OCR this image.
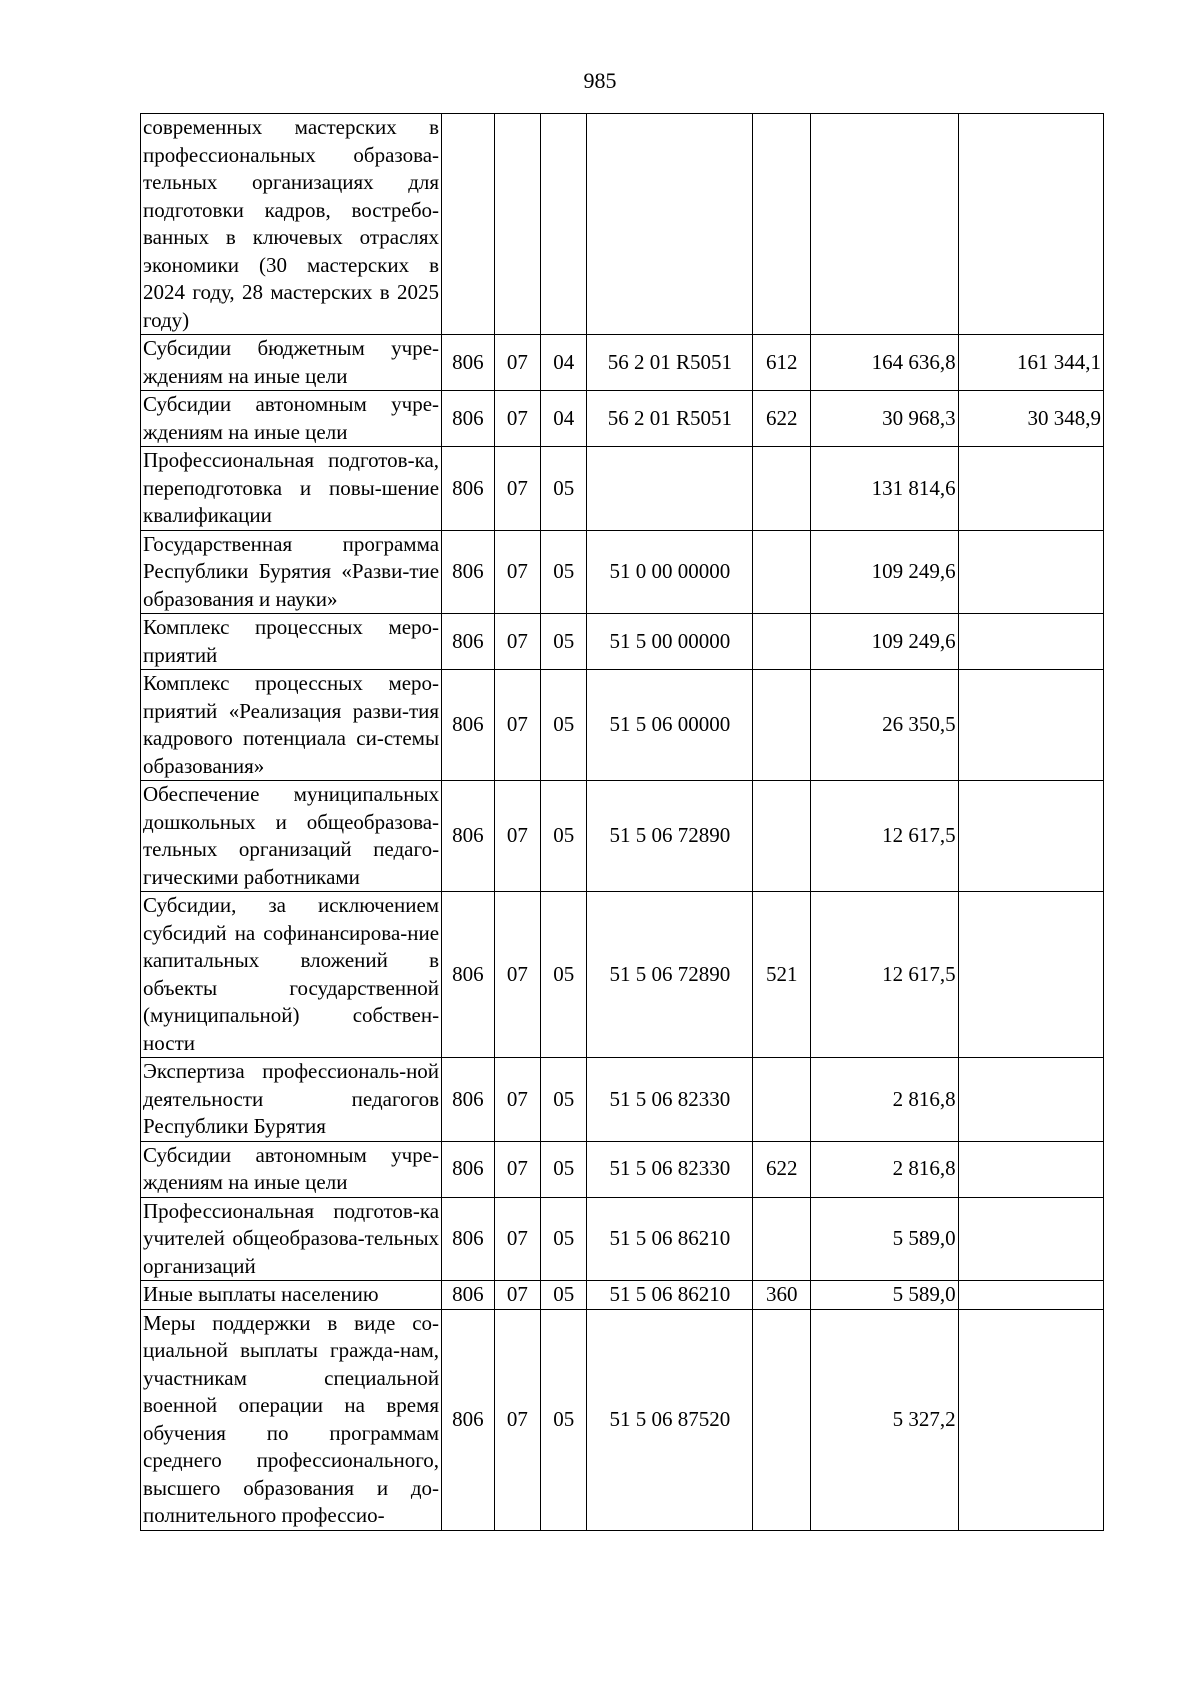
985
современных мастерских в профессиональных образова-тельных организациях для подготовки кадров, востребо-ванных в ключевых отраслях экономики (30 мастерских в 2024 году, 28 мастерских в 2025 году)							
Субсидии бюджетным учре-ждениям на иные цели	806	07	04	56 2 01 R5051	612	164 636,8	161 344,1
Субсидии автономным учре-ждениям на иные цели	806	07	04	56 2 01 R5051	622	30 968,3	30 348,9
Профессиональная подготов-ка, переподготовка и повы-шение квалификации	806	07	05			131 814,6	
Государственная программа Республики Бурятия «Разви-тие образования и науки»	806	07	05	51 0 00 00000		109 249,6	
Комплекс процессных меро-приятий	806	07	05	51 5 00 00000		109 249,6	
Комплекс процессных меро-приятий «Реализация разви-тия кадрового потенциала си-стемы образования»	806	07	05	51 5 06 00000		26 350,5	
Обеспечение муниципальных дошкольных и общеобразова-тельных организаций педаго-гическими работниками	806	07	05	51 5 06 72890		12 617,5	
Субсидии, за исключением субсидий на софинансирова-ние капитальных вложений в объекты государственной (муниципальной) собствен-ности	806	07	05	51 5 06 72890	521	12 617,5	
Экспертиза профессиональ-ной деятельности педагогов Республики Бурятия	806	07	05	51 5 06 82330		2 816,8	
Субсидии автономным учре-ждениям на иные цели	806	07	05	51 5 06 82330	622	2 816,8	
Профессиональная подготов-ка учителей общеобразова-тельных организаций	806	07	05	51 5 06 86210		5 589,0	
Иные выплаты населению	806	07	05	51 5 06 86210	360	5 589,0	
Меры поддержки в виде со-циальной выплаты гражда-нам, участникам специальной военной операции на время обучения по программам среднего профессионального, высшего образования и до-полнительного профессио-	806	07	05	51 5 06 87520		5 327,2	
